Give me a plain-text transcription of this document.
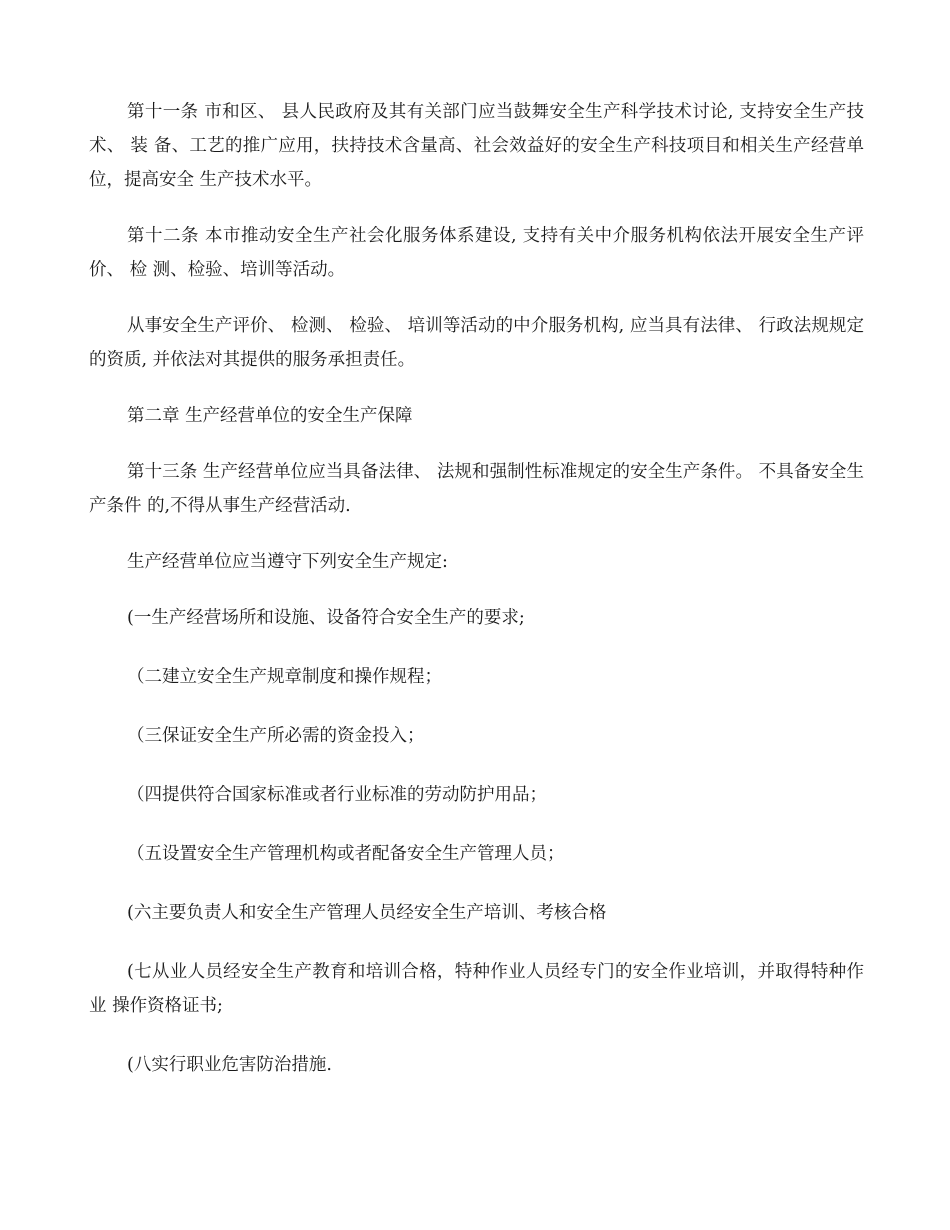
第十一条 市和区、 县人民政府及其有关部门应当鼓舞安全生产科学技术讨论, 支持安全生产技术、 装 备、工艺的推广应用，扶持技术含量高、社会效益好的安全生产科技项目和相关生产经营单位，提高安全 生产技术水平。

第十二条 本市推动安全生产社会化服务体系建设, 支持有关中介服务机构依法开展安全生产评价、 检 测、检验、培训等活动。

从事安全生产评价、 检测、 检验、 培训等活动的中介服务机构, 应当具有法律、 行政法规规定的资质, 并依法对其提供的服务承担责任。

第二章 生产经营单位的安全生产保障

第十三条 生产经营单位应当具备法律、 法规和强制性标准规定的安全生产条件。 不具备安全生产条件 的,不得从事生产经营活动.

生产经营单位应当遵守下列安全生产规定:

(一生产经营场所和设施、设备符合安全生产的要求;

（二建立安全生产规章制度和操作规程；

（三保证安全生产所必需的资金投入；

（四提供符合国家标准或者行业标准的劳动防护用品；

（五设置安全生产管理机构或者配备安全生产管理人员；

(六主要负责人和安全生产管理人员经安全生产培训、考核合格

(七从业人员经安全生产教育和培训合格，特种作业人员经专门的安全作业培训，并取得特种作业 操作资格证书;

(八实行职业危害防治措施.
